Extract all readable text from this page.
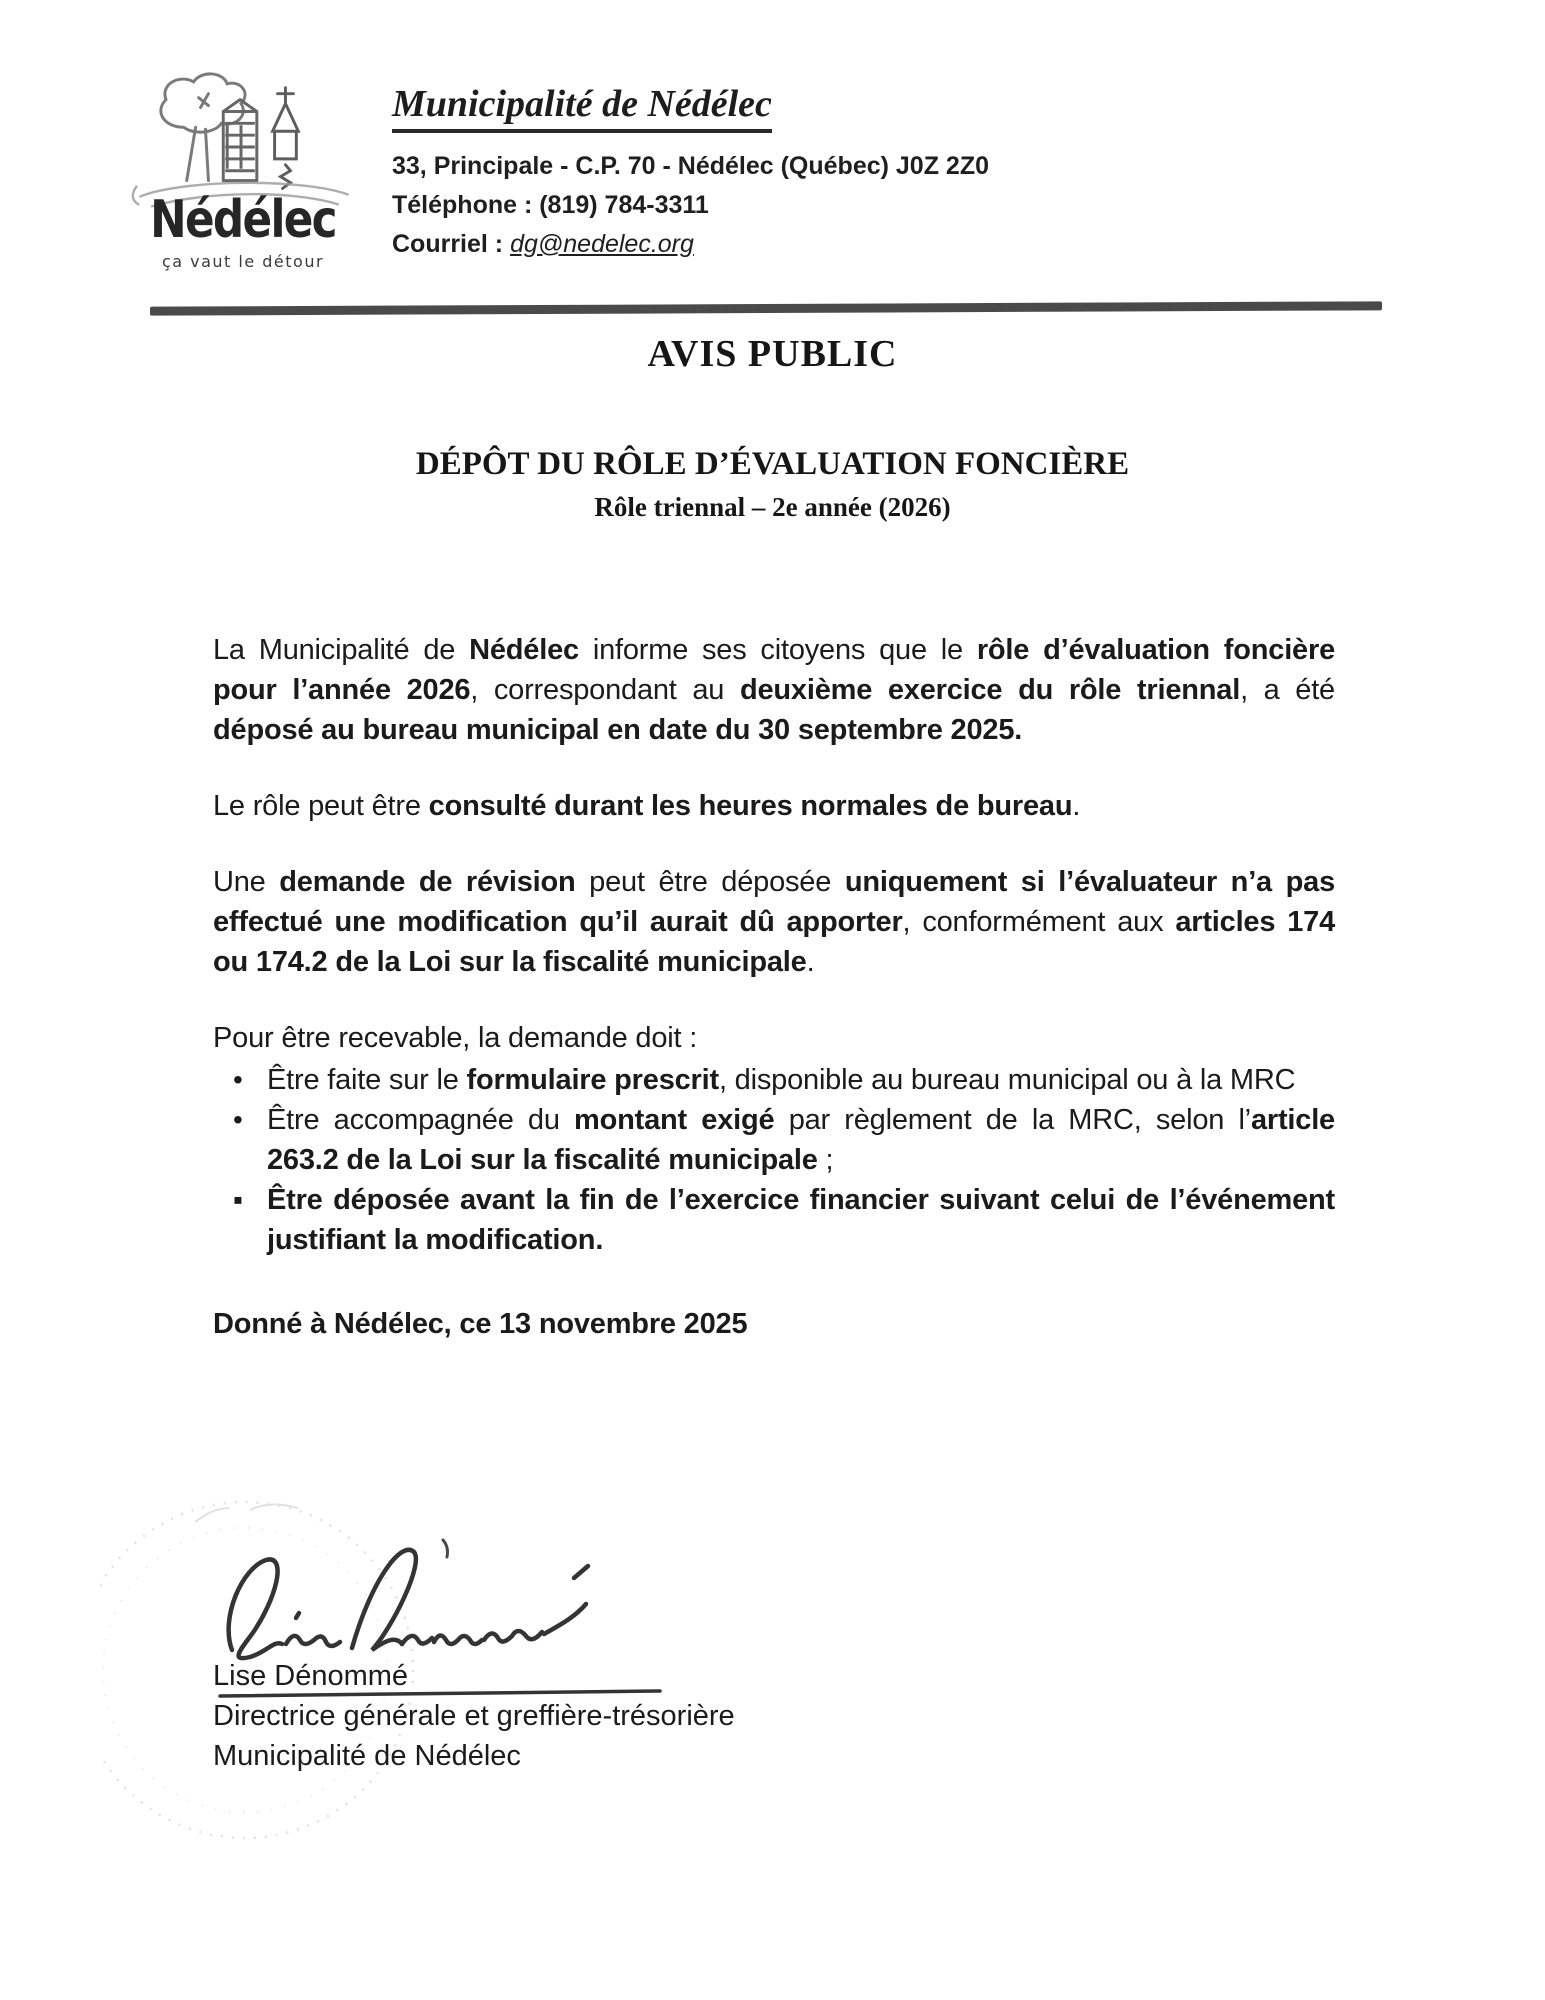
Nédélec
ça vaut le détour
Municipalité de Nédélec
33, Principale - C.P. 70 - Nédélec (Québec) J0Z 2Z0
Téléphone : (819) 784-3311
Courriel : dg@nedelec.org
AVIS PUBLIC
DÉPÔT DU RÔLE D’ÉVALUATION FONCIÈRE
Rôle triennal – 2e année (2026)

La Municipalité de Nédélec informe ses citoyens que le rôle d’évaluation foncière pour l’année 2026, correspondant au deuxième exercice du rôle triennal, a été déposé au bureau municipal en date du 30 septembre 2025.

Le rôle peut être consulté durant les heures normales de bureau.

Une demande de révision peut être déposée uniquement si l’évaluateur n’a pas effectué une modification qu’il aurait dû apporter, conformément aux articles 174 ou 174.2 de la Loi sur la fiscalité municipale.

Pour être recevable, la demande doit :

• Être faite sur le formulaire prescrit, disponible au bureau municipal ou à la MRC
• Être accompagnée du montant exigé par règlement de la MRC, selon l’article 263.2 de la Loi sur la fiscalité municipale ;
▪ Être déposée avant la fin de l’exercice financier suivant celui de l’événement justifiant la modification.
Donné à Nédélec, ce 13 novembre 2025
Lise Dénommé
Directrice générale et greffière-trésorière
Municipalité de Nédélec
